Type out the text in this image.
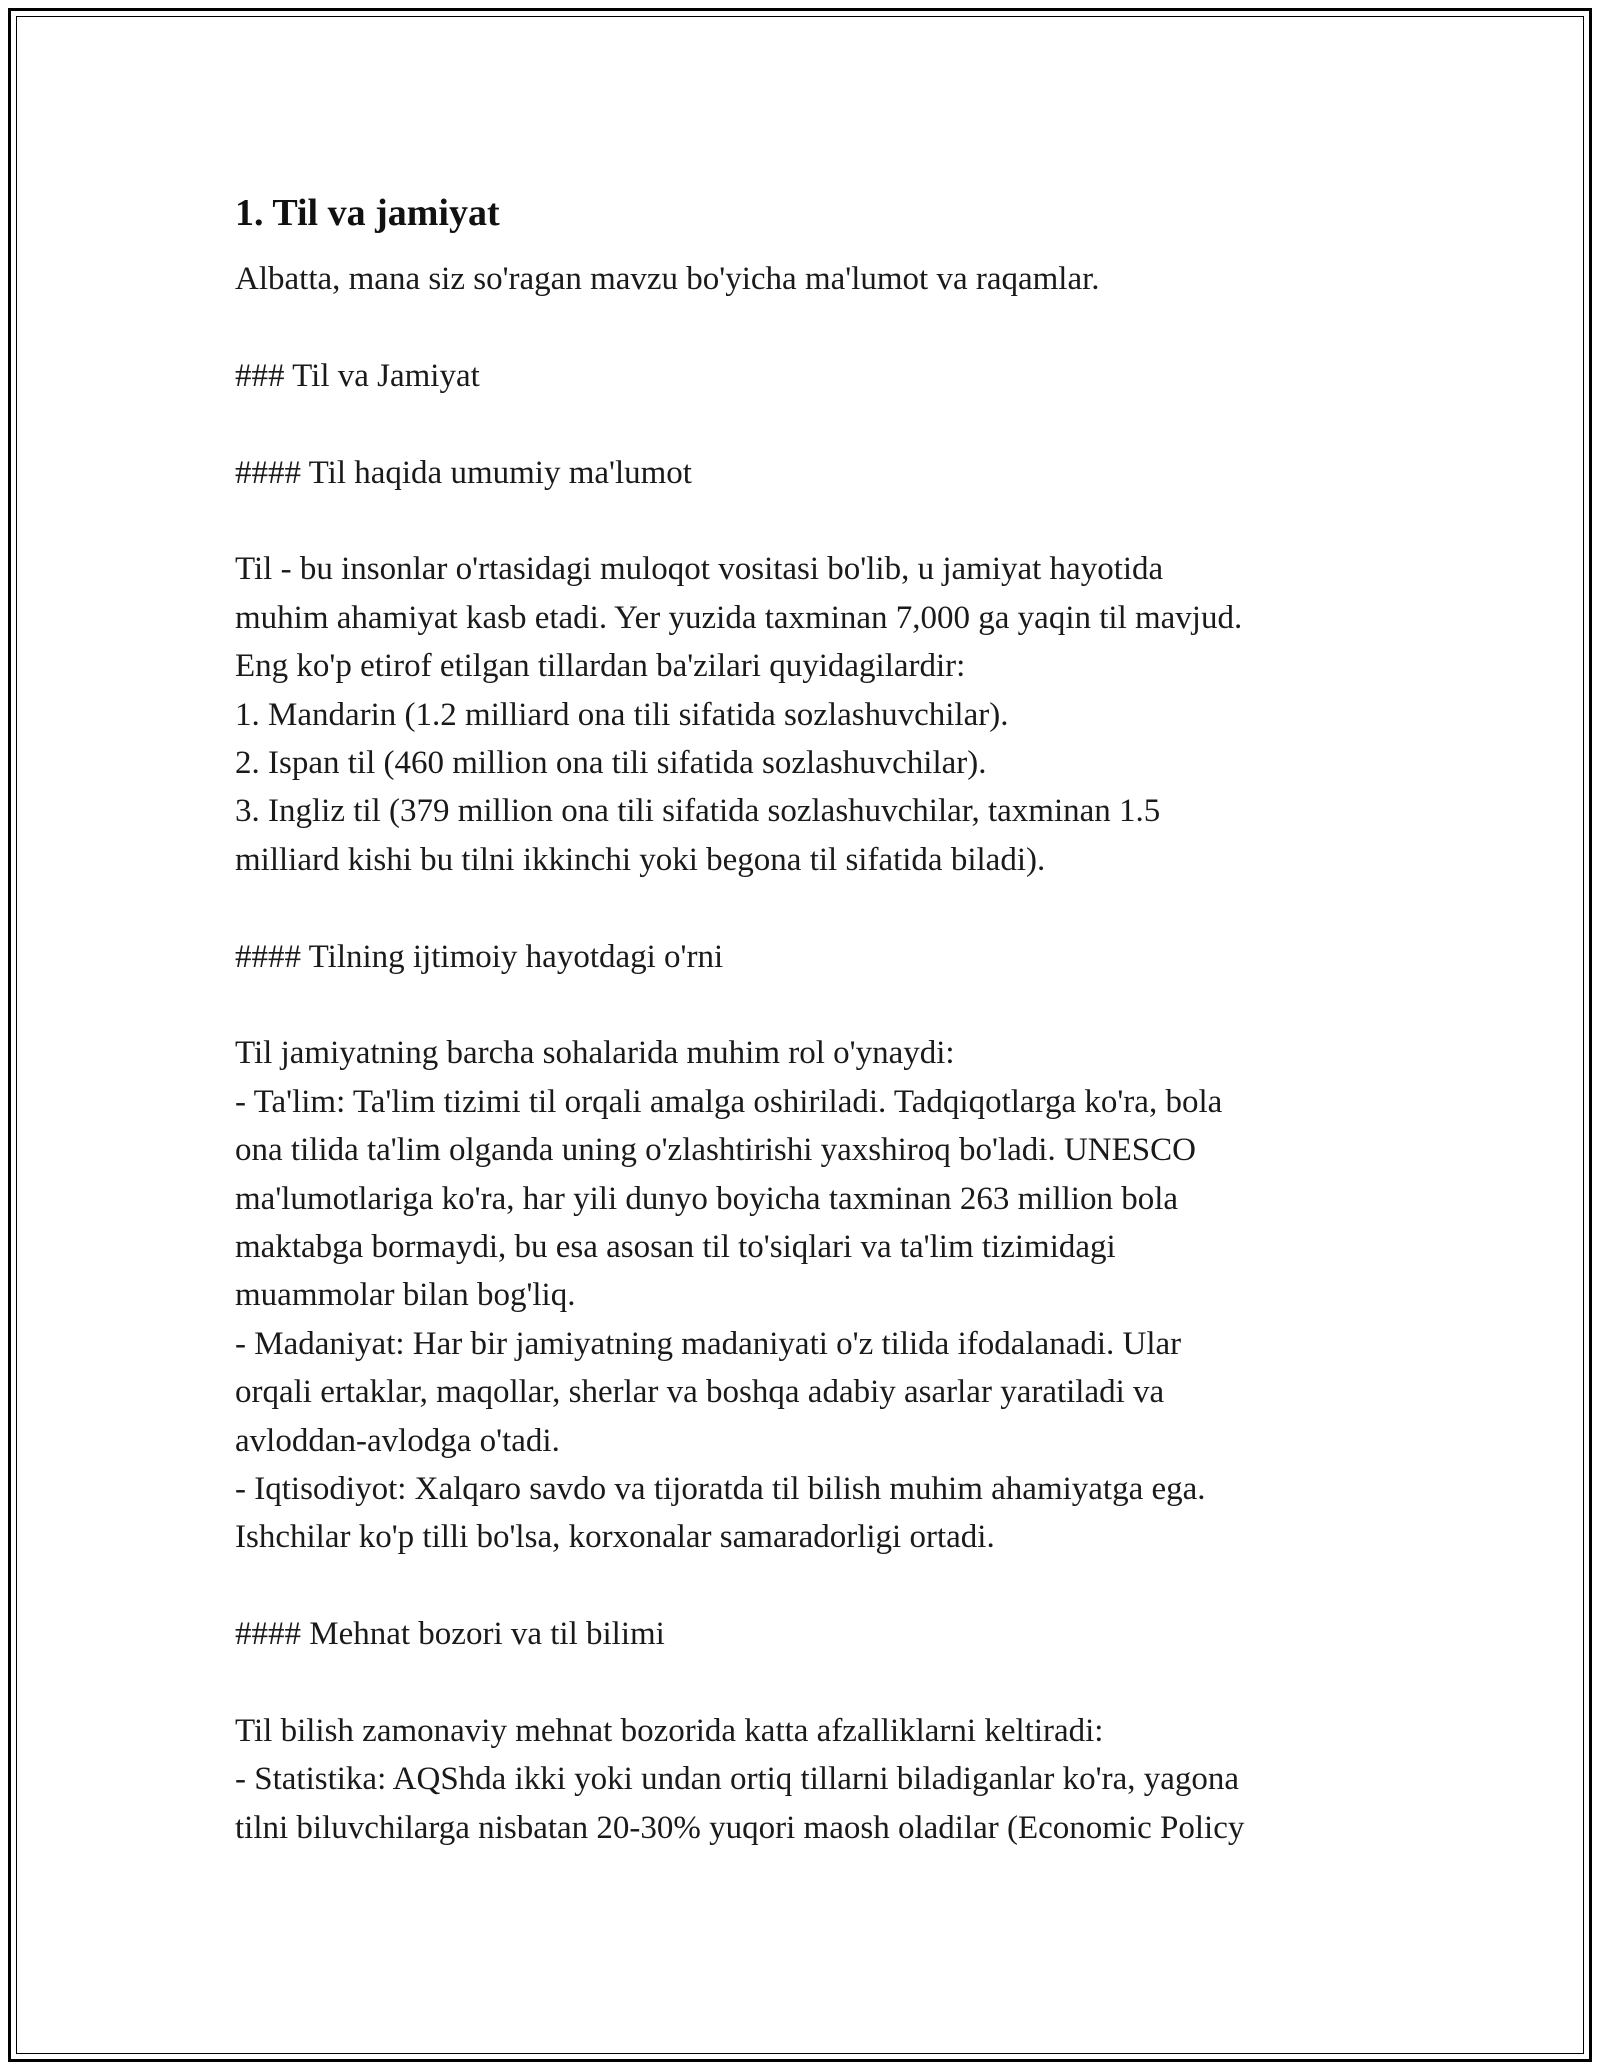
1. Til va jamiyat

Albatta, mana siz so'ragan mavzu bo'yicha ma'lumot va raqamlar.

### Til va Jamiyat

#### Til haqida umumiy ma'lumot

Til - bu insonlar o'rtasidagi muloqot vositasi bo'lib, u jamiyat hayotida
muhim ahamiyat kasb etadi. Yer yuzida taxminan 7,000 ga yaqin til mavjud.
Eng ko'p etirof etilgan tillardan ba'zilari quyidagilardir:
1. Mandarin (1.2 milliard ona tili sifatida sozlashuvchilar).
2. Ispan til (460 million ona tili sifatida sozlashuvchilar).
3. Ingliz til (379 million ona tili sifatida sozlashuvchilar, taxminan 1.5
milliard kishi bu tilni ikkinchi yoki begona til sifatida biladi).

#### Tilning ijtimoiy hayotdagi o'rni

Til jamiyatning barcha sohalarida muhim rol o'ynaydi:
- Ta'lim: Ta'lim tizimi til orqali amalga oshiriladi. Tadqiqotlarga ko'ra, bola
ona tilida ta'lim olganda uning o'zlashtirishi yaxshiroq bo'ladi. UNESCO
ma'lumotlariga ko'ra, har yili dunyo boyicha taxminan 263 million bola
maktabga bormaydi, bu esa asosan til to'siqlari va ta'lim tizimidagi
muammolar bilan bog'liq.
- Madaniyat: Har bir jamiyatning madaniyati o'z tilida ifodalanadi. Ular
orqali ertaklar, maqollar, sherlar va boshqa adabiy asarlar yaratiladi va
avloddan-avlodga o'tadi.
- Iqtisodiyot: Xalqaro savdo va tijoratda til bilish muhim ahamiyatga ega.
Ishchilar ko'p tilli bo'lsa, korxonalar samaradorligi ortadi.

#### Mehnat bozori va til bilimi

Til bilish zamonaviy mehnat bozorida katta afzalliklarni keltiradi:
- Statistika: AQShda ikki yoki undan ortiq tillarni biladiganlar ko'ra, yagona
tilni biluvchilarga nisbatan 20-30% yuqori maosh oladilar (Economic Policy
